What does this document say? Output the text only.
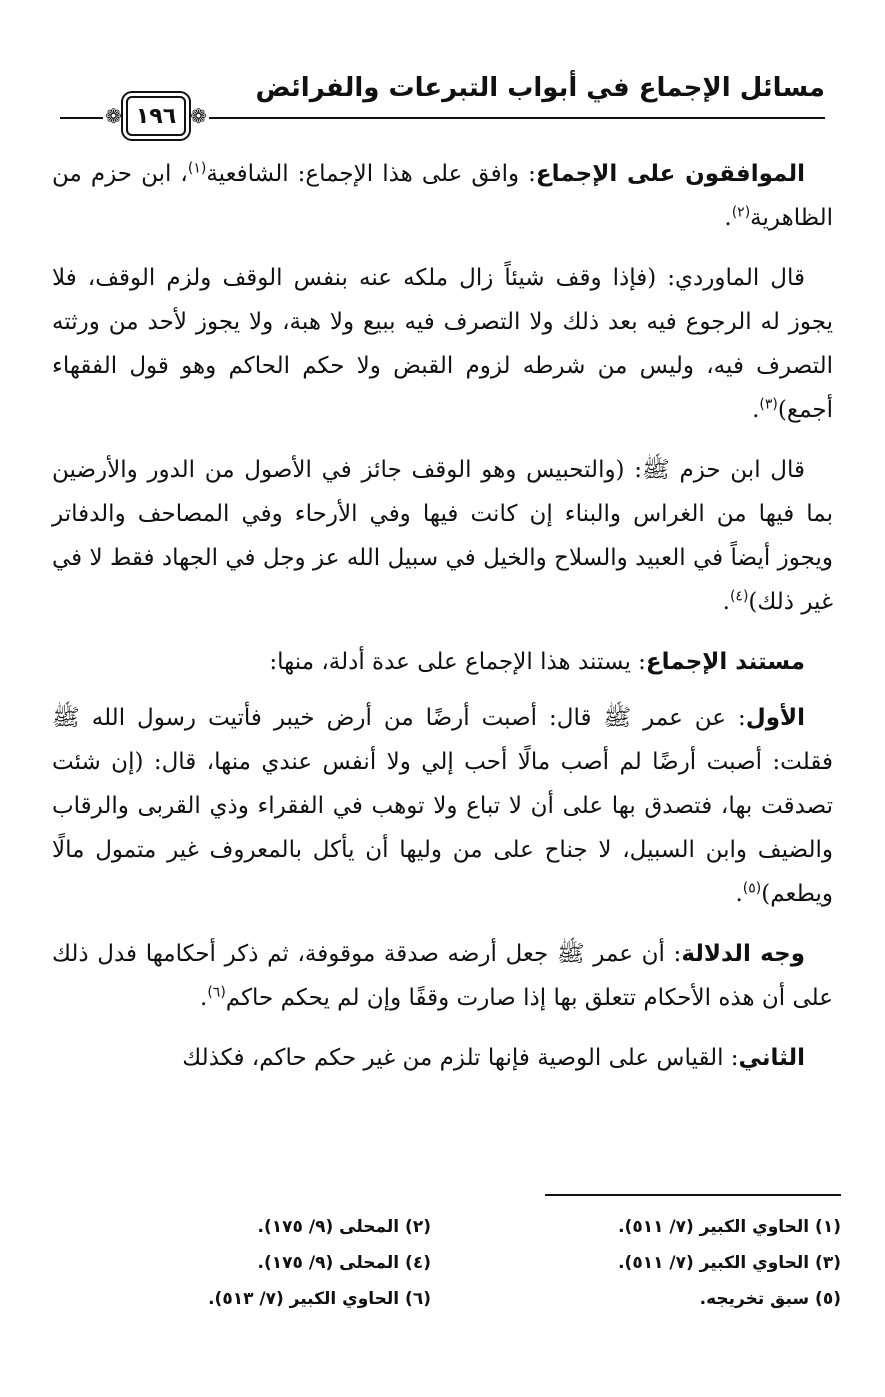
مسائل الإجماع في أبواب التبرعات والفرائض
❁
١٩٦
❁

الموافقون على الإجماع: وافق على هذا الإجماع: الشافعية$^{(١)}$، ابن حزم من الظاهرية$^{(٢)}$.

قال الماوردي: (فإذا وقف شيئاً زال ملكه عنه بنفس الوقف ولزم الوقف، فلا يجوز له الرجوع فيه بعد ذلك ولا التصرف فيه ببيع ولا هبة، ولا يجوز لأحد من ورثته التصرف فيه، وليس من شرطه لزوم القبض ولا حكم الحاكم وهو قول الفقهاء أجمع)$^{(٣)}$.

قال ابن حزم ﷺ: (والتحبيس وهو الوقف جائز في الأصول من الدور والأرضين بما فيها من الغراس والبناء إن كانت فيها وفي الأرحاء وفي المصاحف والدفاتر ويجوز أيضاً في العبيد والسلاح والخيل في سبيل الله عز وجل في الجهاد فقط لا في غير ذلك)$^{(٤)}$.

مستند الإجماع: يستند هذا الإجماع على عدة أدلة، منها:

الأول: عن عمر ﷺ قال: أصبت أرضًا من أرض خيبر فأتيت رسول الله ﷺ فقلت: أصبت أرضًا لم أصب مالًا أحب إلي ولا أنفس عندي منها، قال: (إن شئت تصدقت بها، فتصدق بها على أن لا تباع ولا توهب في الفقراء وذي القربى والرقاب والضيف وابن السبيل، لا جناح على من وليها أن يأكل بالمعروف غير متمول مالًا ويطعم)$^{(٥)}$.

وجه الدلالة: أن عمر ﷺ جعل أرضه صدقة موقوفة، ثم ذكر أحكامها فدل ذلك على أن هذه الأحكام تتعلق بها إذا صارت وقفًا وإن لم يحكم حاكم$^{(٦)}$.

الثاني: القياس على الوصية فإنها تلزم من غير حكم حاكم، فكذلك

(١) الحاوي الكبير (٧/ ٥١١).
(٢) المحلى (٩/ ١٧٥).
(٣) الحاوي الكبير (٧/ ٥١١).
(٤) المحلى (٩/ ١٧٥).
(٥) سبق تخريجه.
(٦) الحاوي الكبير (٧/ ٥١٣).
